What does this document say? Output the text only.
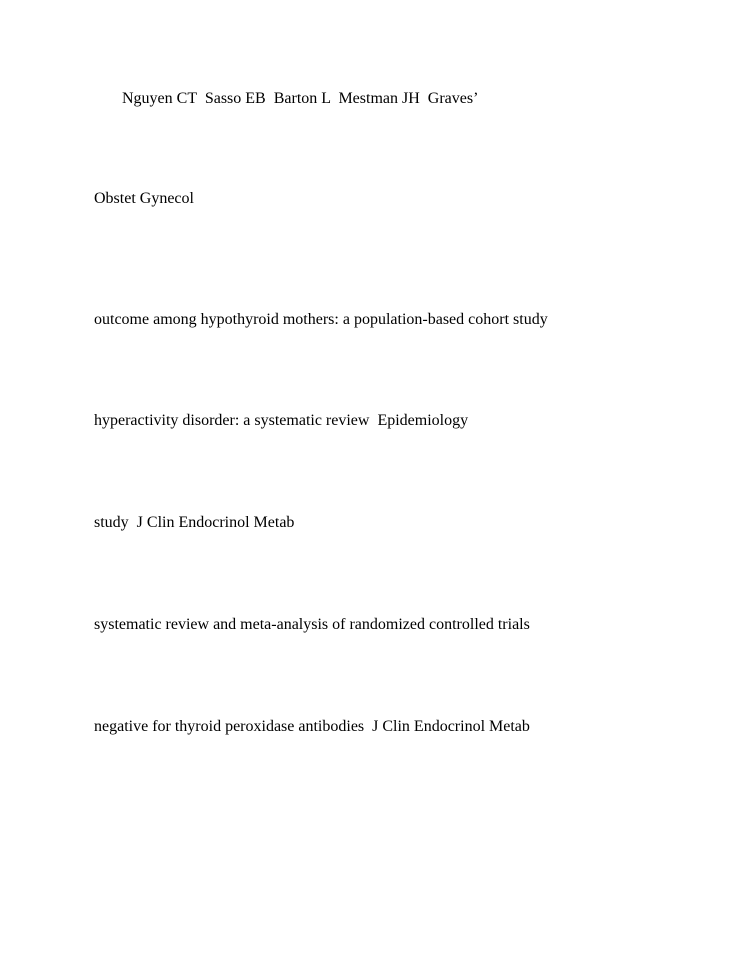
Nguyen CT  Sasso EB  Barton L  Mestman JH  Graves’

Obstet Gynecol

outcome among hypothyroid mothers: a population-based cohort study

hyperactivity disorder: a systematic review  Epidemiology

study  J Clin Endocrinol Metab

systematic review and meta-analysis of randomized controlled trials

negative for thyroid peroxidase antibodies  J Clin Endocrinol Metab
